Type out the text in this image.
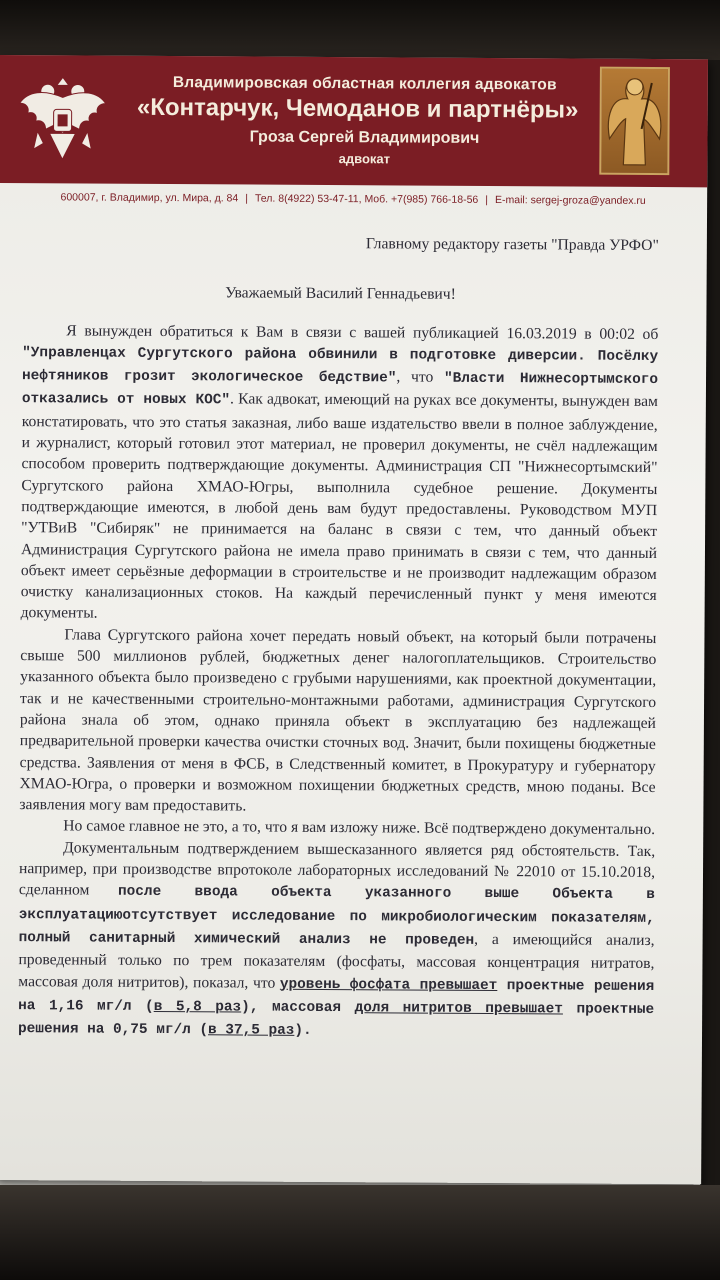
Владимировская областная коллегия адвокатов
«Контарчук, Чемоданов и партнёры»
Гроза Сергей Владимирович
адвокат
600007, г. Владимир, ул. Мира, д. 84 | Тел. 8(4922) 53-47-11, Моб. +7(985) 766-18-56 | E-mail: sergej-groza@yandex.ru
Главному редактору газеты "Правда УРФО"
Уважаемый Василий Геннадьевич!

Я вынужден обратиться к Вам в связи с вашей публикацией 16.03.2019 в 00:02 об "Управленцах Сургутского района обвинили в подготовке диверсии. Посёлку нефтяников грозит экологическое бедствие", что "Власти Нижнесортымского отказались от новых КОС". Как адвокат, имеющий на руках все документы, вынужден вам констатировать, что это статья заказная, либо ваше издательство ввели в полное заблуждение, и журналист, который готовил этот материал, не проверил документы, не счёл надлежащим способом проверить подтверждающие документы. Администрация СП "Нижнесортымский" Сургутского района ХМАО-Югры, выполнила судебное решение. Документы подтверждающие имеются, в любой день вам будут предоставлены. Руководством МУП "УТВиВ "Сибиряк" не принимается на баланс в связи с тем, что данный объект Администрация Сургутского района не имела право принимать в связи с тем, что данный объект имеет серьёзные деформации в строительстве и не производит надлежащим образом очистку канализационных стоков. На каждый перечисленный пункт у меня имеются документы.

Глава Сургутского района хочет передать новый объект, на который были потрачены свыше 500 миллионов рублей, бюджетных денег налогоплательщиков. Строительство указанного объекта было произведено с грубыми нарушениями, как проектной документации, так и не качественными строительно-монтажными работами, администрация Сургутского района знала об этом, однако приняла объект в эксплуатацию без надлежащей предварительной проверки качества очистки сточных вод. Значит, были похищены бюджетные средства. Заявления от меня в ФСБ, в Следственный комитет, в Прокуратуру и губернатору ХМАО-Югра, о проверки и возможном похищении бюджетных средств, мною поданы. Все заявления могу вам предоставить.

Но самое главное не это, а то, что я вам изложу ниже. Всё подтверждено документально.

Документальным подтверждением вышесказанного является ряд обстоятельств. Так, например, при производстве впротоколе лабораторных исследований № 22010 от 15.10.2018, сделанном после ввода объекта указанного выше Объекта в эксплуатациюотсутствует исследование по микробиологическим показателям, полный санитарный химический анализ не проведен, а имеющийся анализ, проведенный только по трем показателям (фосфаты, массовая концентрация нитратов, массовая доля нитритов), показал, что уровень фосфата превышает проектные решения на 1,16 мг/л (в 5,8 раз), массовая доля нитритов превышает проектные решения на 0,75 мг/л (в 37,5 раз).
